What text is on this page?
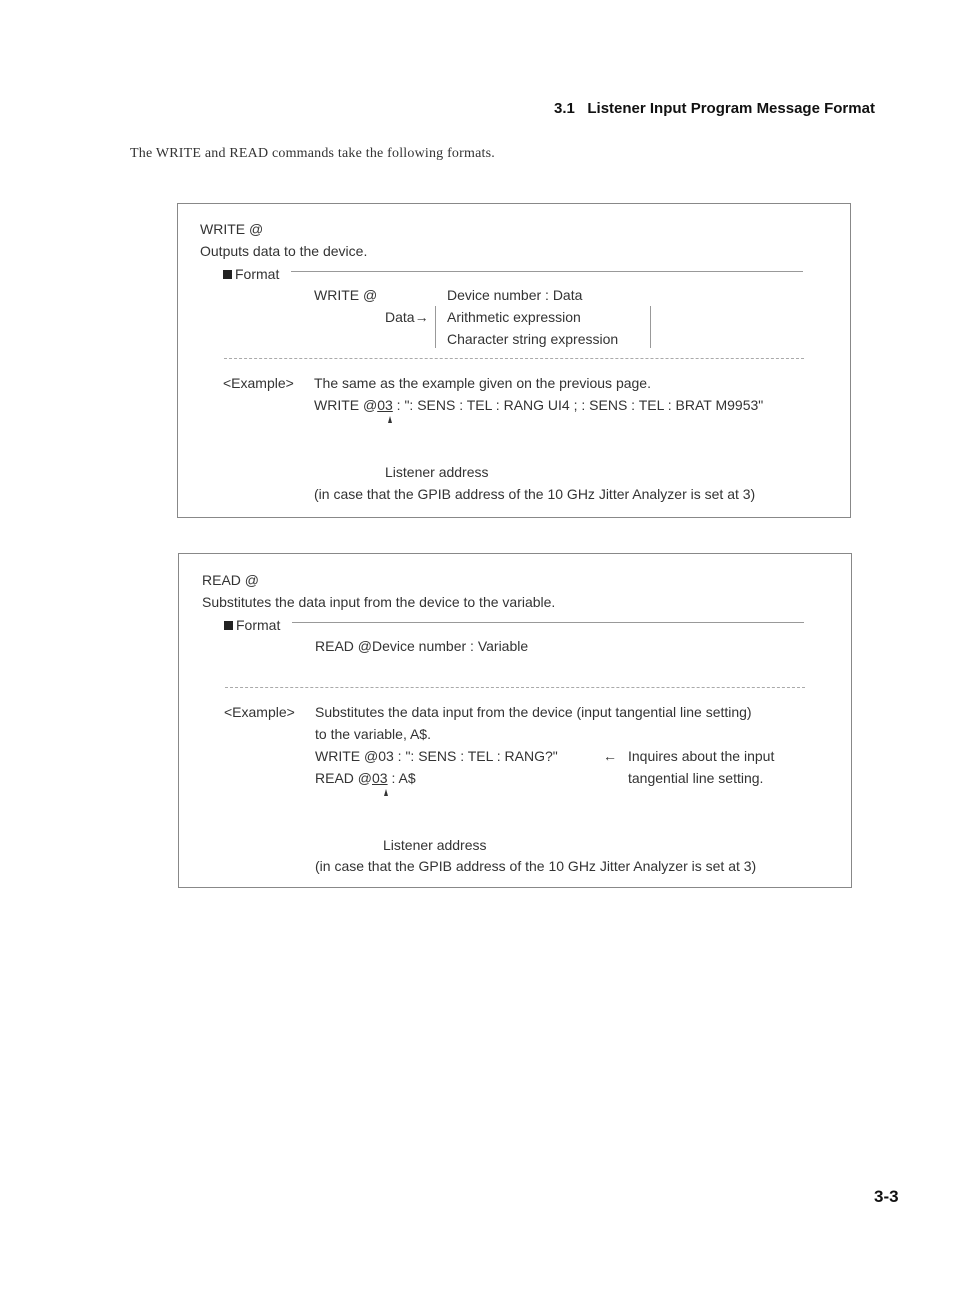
3.1 Listener Input Program Message Format
The WRITE and READ commands take the following formats.
WRITE @
Outputs data to the device.
Format
WRITE @	Device number : Data
Data→ Arithmetic expression
Character string expression
<Example> The same as the example given on the previous page.
WRITE @03 : ": SENS : TEL : RANG UI4 ; : SENS : TEL : BRAT M9953"
Listener address
(in case that the GPIB address of the 10 GHz Jitter Analyzer is set at 3)
READ @
Substitutes the data input from the device to the variable.
Format
READ @Device number : Variable
<Example> Substitutes the data input from the device (input tangential line setting)
to the variable, A$.
WRITE @03 : ": SENS : TEL : RANG?"	← Inquires about the input
READ @03 : A$	tangential line setting.
Listener address
(in case that the GPIB address of the 10 GHz Jitter Analyzer is set at 3)
3-3
